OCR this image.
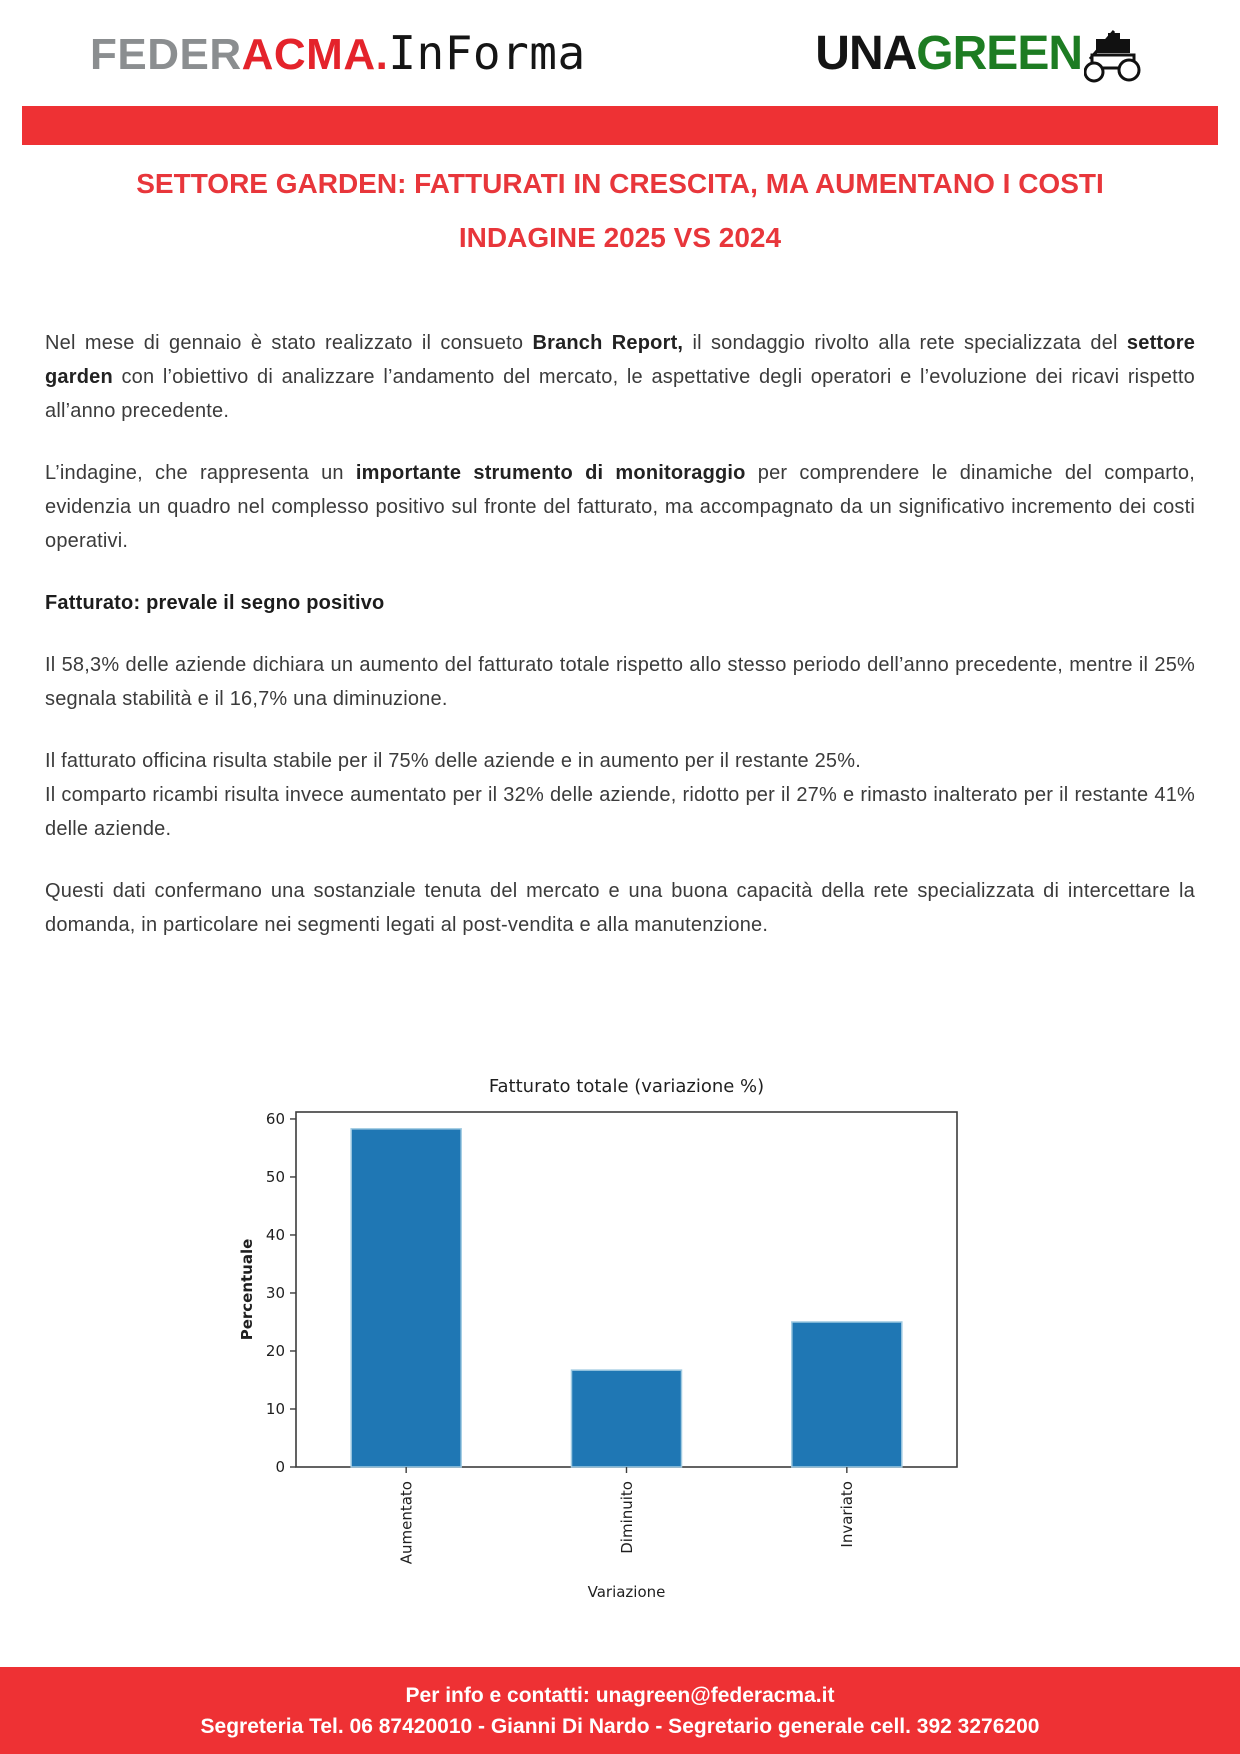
FEDERACMA.InForma	UNAGREEN
SETTORE GARDEN: FATTURATI IN CRESCITA, MA AUMENTANO I COSTI
INDAGINE 2025 VS 2024

Nel mese di gennaio è stato realizzato il consueto Branch Report, il sondaggio rivolto alla rete specializzata del settore garden con l’obiettivo di analizzare l’andamento del mercato, le aspettative degli operatori e l’evoluzione dei ricavi rispetto all’anno precedente.

L’indagine, che rappresenta un importante strumento di monitoraggio per comprendere le dinamiche del comparto, evidenzia un quadro nel complesso positivo sul fronte del fatturato, ma accompagnato da un significativo incremento dei costi operativi.

Fatturato: prevale il segno positivo

Il 58,3% delle aziende dichiara un aumento del fatturato totale rispetto allo stesso periodo dell’anno precedente, mentre il 25% segnala stabilità e il 16,7% una diminuzione.

Il fatturato officina risulta stabile per il 75% delle aziende e in aumento per il restante 25%.
Il comparto ricambi risulta invece aumentato per il 32% delle aziende, ridotto per il 27% e rimasto inalterato per il restante 41% delle aziende.

Questi dati confermano una sostanziale tenuta del mercato e una buona capacità della rete specializzata di intercettare la domanda, in particolare nei segmenti legati al post-vendita e alla manutenzione.

Fatturato totale (variazione %)
0
10
20
30
40
50
60
Percentuale
Aumentato	Diminuito	Invariato
Variazione
Per info e contatti: unagreen@federacma.it
Segreteria Tel. 06 87420010 - Gianni Di Nardo - Segretario generale cell. 392 3276200
